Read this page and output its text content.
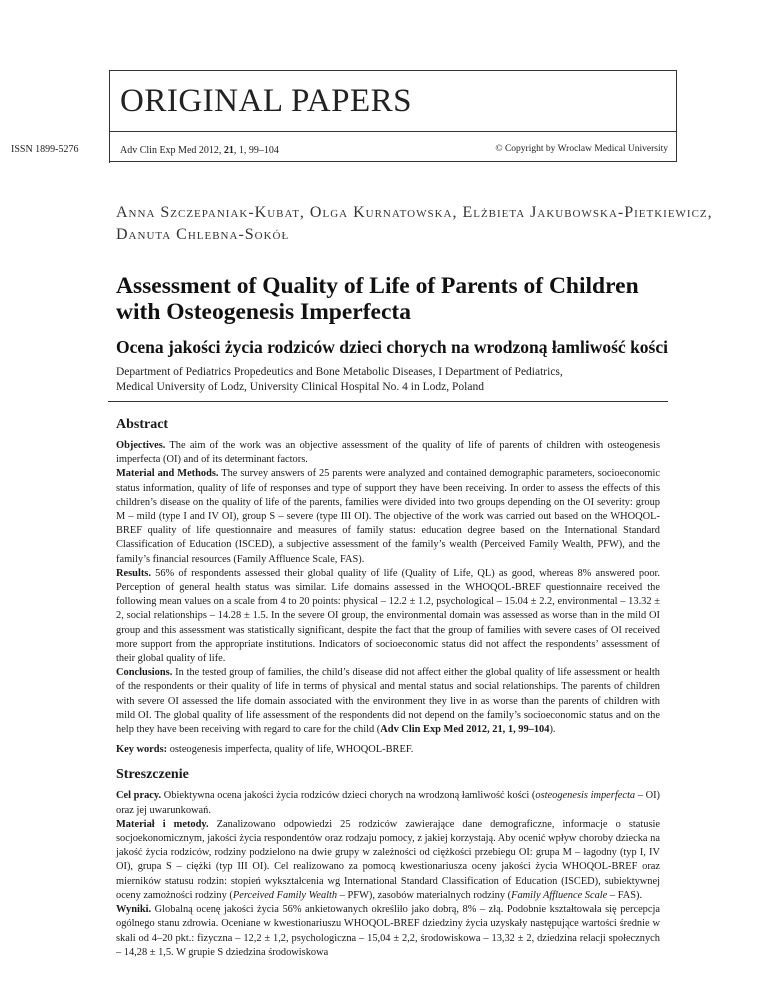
ORIGINAL PAPERS
Adv Clin Exp Med 2012, 21, 1, 99–104	© Copyright by Wroclaw Medical University
ISSN 1899-5276
Anna Szczepaniak-Kubat, Olga Kurnatowska, Elżbieta Jakubowska-Pietkiewicz,
Danuta Chlebna-Sokół
Assessment of Quality of Life of Parents of Children
with Osteogenesis Imperfecta
Ocena jakości życia rodziców dzieci chorych na wrodzoną łamliwość kości
Department of Pediatrics Propedeutics and Bone Metabolic Diseases, I Department of Pediatrics,
Medical University of Lodz, University Clinical Hospital No. 4 in Lodz, Poland
Abstract

Objectives. The aim of the work was an objective assessment of the quality of life of parents of children with osteogenesis imperfecta (OI) and of its determinant factors.

Material and Methods. The survey answers of 25 parents were analyzed and contained demographic parameters, socioeconomic status information, quality of life of responses and type of support they have been receiving. In order to assess the effects of this children’s disease on the quality of life of the parents, families were divided into two groups depending on the OI severity: group M – mild (type I and IV OI), group S – severe (type III OI). The objective of the work was carried out based on the WHOQOL-BREF quality of life questionnaire and measures of family status: education degree based on the International Standard Classification of Education (ISCED), a subjective assessment of the family’s wealth (Perceived Family Wealth, PFW), and the family’s financial resources (Family Affluence Scale, FAS).

Results. 56% of respondents assessed their global quality of life (Quality of Life, QL) as good, whereas 8% answered poor. Perception of general health status was similar. Life domains assessed in the WHOQOL-BREF questionnaire received the following mean values on a scale from 4 to 20 points: physical – 12.2 ± 1.2, psychological – 15.04 ± 2.2, environmental – 13.32 ± 2, social relationships – 14.28 ± 1.5. In the severe OI group, the environmental domain was assessed as worse than in the mild OI group and this assessment was statistically significant, despite the fact that the group of families with severe cases of OI received more support from the appropriate institutions. Indicators of socioeconomic status did not affect the respondents’ assessment of their global quality of life.

Conclusions. In the tested group of families, the child’s disease did not affect either the global quality of life assessment or health of the respondents or their quality of life in terms of physical and mental status and social relationships. The parents of children with severe OI assessed the life domain associated with the environment they live in as worse than the parents of children with mild OI. The global quality of life assessment of the respondents did not depend on the family’s socioeconomic status and on the help they have been receiving with regard to care for the child (Adv Clin Exp Med 2012, 21, 1, 99–104).

Key words: osteogenesis imperfecta, quality of life, WHOQOL-BREF.

Streszczenie

Cel pracy. Obiektywna ocena jakości życia rodziców dzieci chorych na wrodzoną łamliwość kości (osteogenesis imperfecta – OI) oraz jej uwarunkowań.

Materiał i metody. Zanalizowano odpowiedzi 25 rodziców zawierające dane demograficzne, informacje o statusie socjoekonomicznym, jakości życia respondentów oraz rodzaju pomocy, z jakiej korzystają. Aby ocenić wpływ choroby dziecka na jakość życia rodziców, rodziny podzielono na dwie grupy w zależności od ciężkości przebiegu OI: grupa M – łagodny (typ I, IV OI), grupa S – ciężki (typ III OI). Cel realizowano za pomocą kwestionariusza oceny jakości życia WHOQOL-BREF oraz mierników statusu rodzin: stopień wykształcenia wg International Standard Classification of Education (ISCED), subiektywnej oceny zamożności rodziny (Perceived Family Wealth – PFW), zasobów materialnych rodziny (Family Affluence Scale – FAS).

Wyniki. Globalną ocenę jakości życia 56% ankietowanych określiło jako dobrą, 8% – złą. Podobnie kształtowała się percepcja ogólnego stanu zdrowia. Oceniane w kwestionariuszu WHOQOL-BREF dziedziny życia uzyskały następujące wartości średnie w skali od 4–20 pkt.: fizyczna – 12,2 ± 1,2, psychologiczna – 15,04 ± 2,2, środowiskowa – 13,32 ± 2, dziedzina relacji społecznych – 14,28 ± 1,5. W grupie S dziedzina środowiskowa
